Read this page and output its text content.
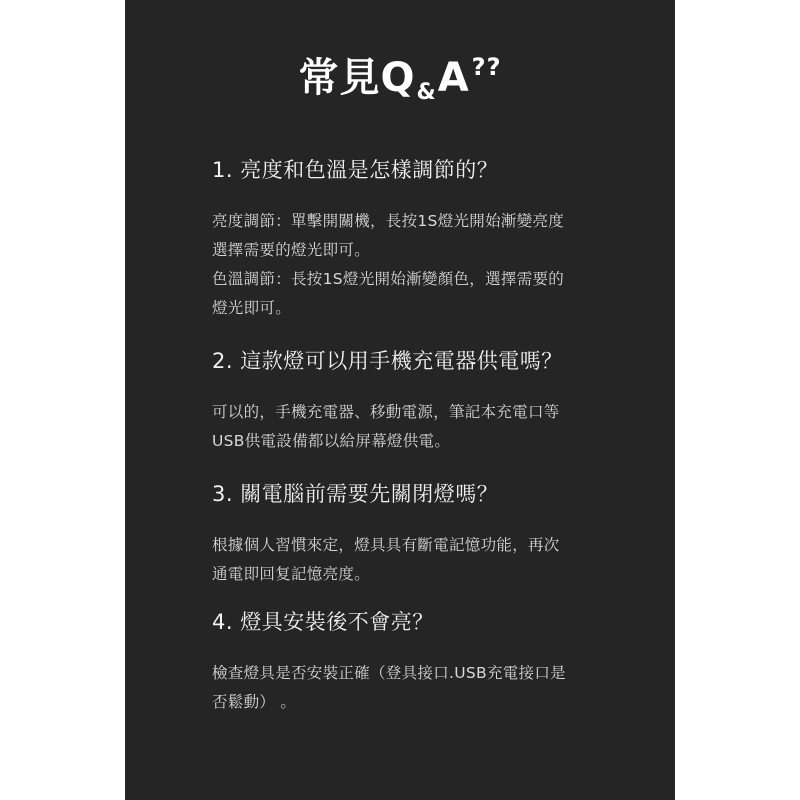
常見$Q_{\&}A^{??}$
1. 亮度和色溫是怎樣調節的？
亮度調節：單擊開關機，長按1S燈光開始漸變亮度
選擇需要的燈光即可。
色溫調節：長按1S燈光開始漸變顏色，選擇需要的
燈光即可。
2. 這款燈可以用手機充電器供電嗎？
可以的，手機充電器、移動電源，筆記本充電口等
USB供電設備都以給屏幕燈供電。
3. 關電腦前需要先關閉燈嗎？
根據個人習慣來定，燈具具有斷電記憶功能，再次
通電即回复記憶亮度。
4. 燈具安裝後不會亮？
檢查燈具是否安裝正確（登具接口.USB充電接口是
否鬆動） 。
